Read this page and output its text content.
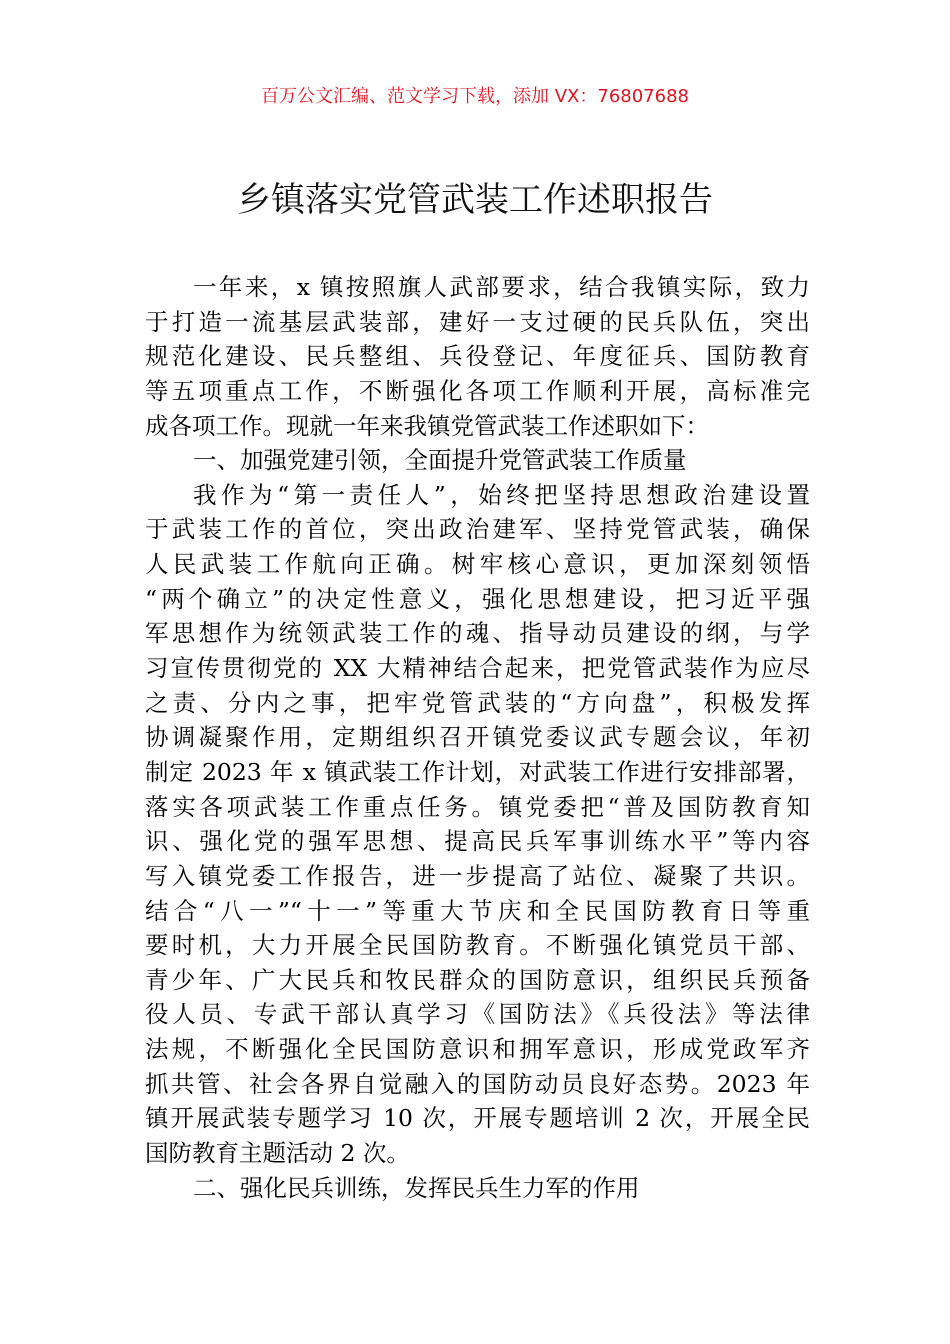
百万公文汇编、范文学习下载，添加 VX：76807688
乡镇落实党管武装工作述职报告
一年来，x 镇按照旗人武部要求，结合我镇实际，致力
于打造一流基层武装部，建好一支过硬的民兵队伍，突出
规范化建设、民兵整组、兵役登记、年度征兵、国防教育
等五项重点工作，不断强化各项工作顺利开展，高标准完
成各项工作。现就一年来我镇党管武装工作述职如下：
一、加强党建引领，全面提升党管武装工作质量
我作为“第一责任人”，始终把坚持思想政治建设置
于武装工作的首位，突出政治建军、坚持党管武装，确保
人民武装工作航向正确。树牢核心意识，更加深刻领悟
“两个确立”的决定性意义，强化思想建设，把习近平强
军思想作为统领武装工作的魂、指导动员建设的纲，与学
习宣传贯彻党的 XX 大精神结合起来，把党管武装作为应尽
之责、分内之事，把牢党管武装的“方向盘”，积极发挥
协调凝聚作用，定期组织召开镇党委议武专题会议，年初
制定 2023 年 x 镇武装工作计划，对武装工作进行安排部署，
落实各项武装工作重点任务。镇党委把“普及国防教育知
识、强化党的强军思想、提高民兵军事训练水平”等内容
写入镇党委工作报告，进一步提高了站位、凝聚了共识。
结合“八一”“十一”等重大节庆和全民国防教育日等重
要时机，大力开展全民国防教育。不断强化镇党员干部、
青少年、广大民兵和牧民群众的国防意识，组织民兵预备
役人员、专武干部认真学习《国防法》《兵役法》等法律
法规，不断强化全民国防意识和拥军意识，形成党政军齐
抓共管、社会各界自觉融入的国防动员良好态势。2023 年
镇开展武装专题学习 10 次，开展专题培训 2 次，开展全民
国防教育主题活动 2 次。
二、强化民兵训练，发挥民兵生力军的作用
